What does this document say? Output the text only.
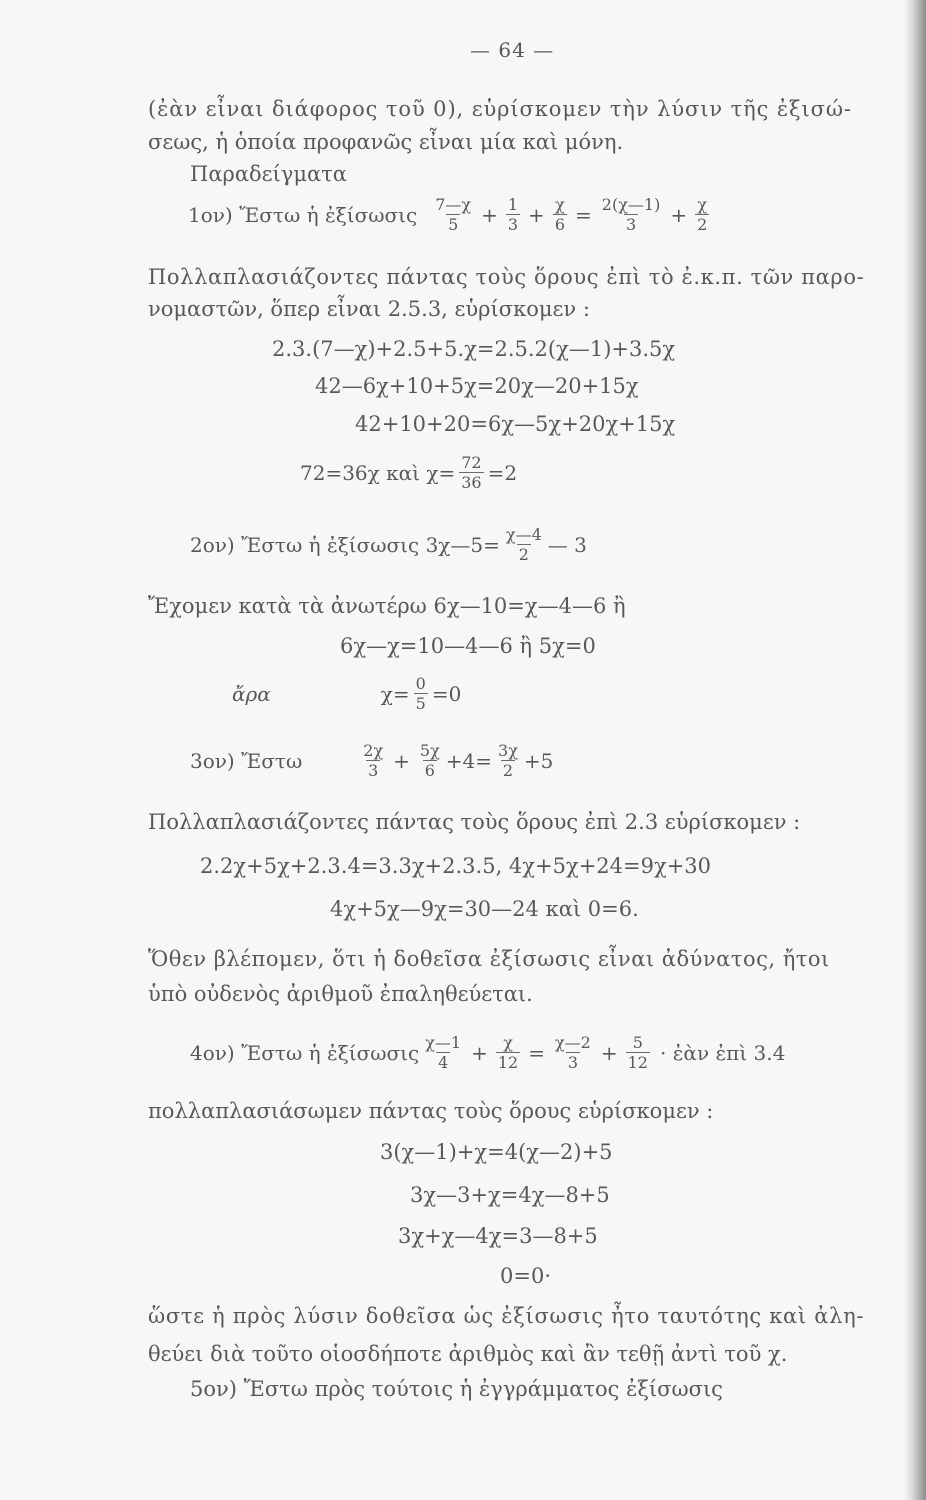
— 64 —
(ἐὰν εἶναι διάφορος τοῦ 0), εὑρίσκομεν τὴν λύσιν τῆς ἐξισώ-
σεως, ἡ ὁποία προφανῶς εἶναι μία καὶ μόνη.
Παραδείγματα
1ον) Ἔστω ἡ ἐξίσωσις $\frac{7—\chi}{5} + \frac{1}{3} + \frac{\chi}{6} = \frac{2(\chi—1)}{3} + \frac{\chi}{2}$
Πολλαπλασιάζοντες πάντας τοὺς ὅρους ἐπὶ τὸ ἐ.κ.π. τῶν παρο-
νομαστῶν, ὅπερ εἶναι 2.5.3, εὑρίσκομεν :
2.3.(7—χ)+2.5+5.χ=2.5.2(χ—1)+3.5χ
42—6χ+10+5χ=20χ—20+15χ
42+10+20=6χ—5χ+20χ+15χ
72=36χ καὶ $\chi= \frac{72}{36} =2$
2ον) Ἔστω ἡ ἐξίσωσις 3χ—5= $\frac{\chi—4}{2}$ — 3
Ἔχομεν κατὰ τὰ ἀνωτέρω 6χ—10=χ—4—6 ἢ
6χ—χ=10—4—6 ἢ 5χ=0
ἄρα	$\chi= \frac{0}{5} =0$
3ον) Ἔστω	$\frac{2\chi}{3} + \frac{5\chi}{6} +4= \frac{3\chi}{2} +5$
Πολλαπλασιάζοντες πάντας τοὺς ὅρους ἐπὶ 2.3 εὑρίσκομεν :
2.2χ+5χ+2.3.4=3.3χ+2.3.5, 4χ+5χ+24=9χ+30
4χ+5χ—9χ=30—24 καὶ 0=6.
Ὅθεν βλέπομεν, ὅτι ἡ δοθεῖσα ἐξίσωσις εἶναι ἀδύνατος, ἤτοι
ὑπὸ οὐδενὸς ἀριθμοῦ ἐπαληθεύεται.
4ον) Ἔστω ἡ ἐξίσωσις $\frac{\chi—1}{4} + \frac{\chi}{12} = \frac{\chi—2}{3} + \frac{5}{12}$ · ἐὰν ἐπὶ 3.4
πολλαπλασιάσωμεν πάντας τοὺς ὅρους εὑρίσκομεν :
3(χ—1)+χ=4(χ—2)+5
3χ—3+χ=4χ—8+5
3χ+χ—4χ=3—8+5
0=0·
ὥστε ἡ πρὸς λύσιν δοθεῖσα ὡς ἐξίσωσις ἦτο ταυτότης καὶ ἀλη-
θεύει διὰ τοῦτο οἱοσδήποτε ἀριθμὸς καὶ ἂν τεθῇ ἀντὶ τοῦ χ.
5ον) Ἔστω πρὸς τούτοις ἡ ἐγγράμματος ἐξίσωσις
